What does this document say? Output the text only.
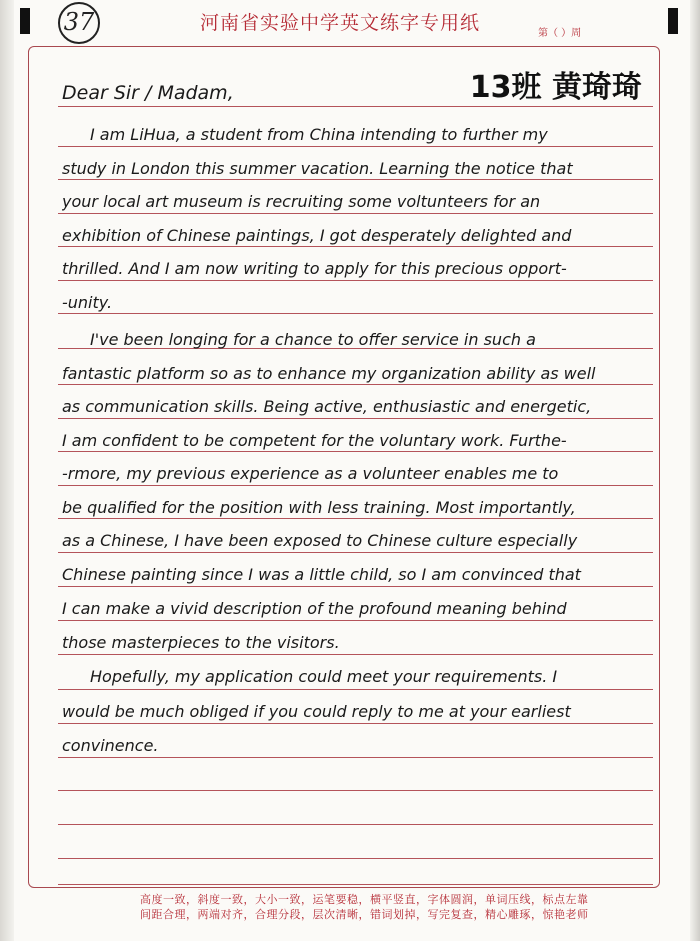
37	河南省实验中学英文练字专用纸	第（ ）周
13班 黄琦琦
Dear Sir / Madam,
I am LiHua, a student from China intending to further my
study in London this summer vacation. Learning the notice that
your local art museum is recruiting some voltunteers for an
exhibition of Chinese paintings, I got desperately delighted and
thrilled. And I am now writing to apply for this precious opport-
-unity.
I've been longing for a chance to offer service in such a
fantastic platform so as to enhance my organization ability as well
as communication skills. Being active, enthusiastic and energetic,
I am confident to be competent for the voluntary work. Furthe-
-rmore, my previous experience as a volunteer enables me to
be qualified for the position with less training. Most importantly,
as a Chinese, I have been exposed to Chinese culture especially
Chinese painting since I was a little child, so I am convinced that
I can make a vivid description of the profound meaning behind
those masterpieces to the visitors.
Hopefully, my application could meet your requirements. I
would be much obliged if you could reply to me at your earliest
convinence.
高度一致，斜度一致，大小一致，运笔要稳，横平竖直，字体圆润，单词压线，标点左靠
间距合理，两端对齐，合理分段，层次清晰，错词划掉，写完复查，精心雕琢，惊艳老师
